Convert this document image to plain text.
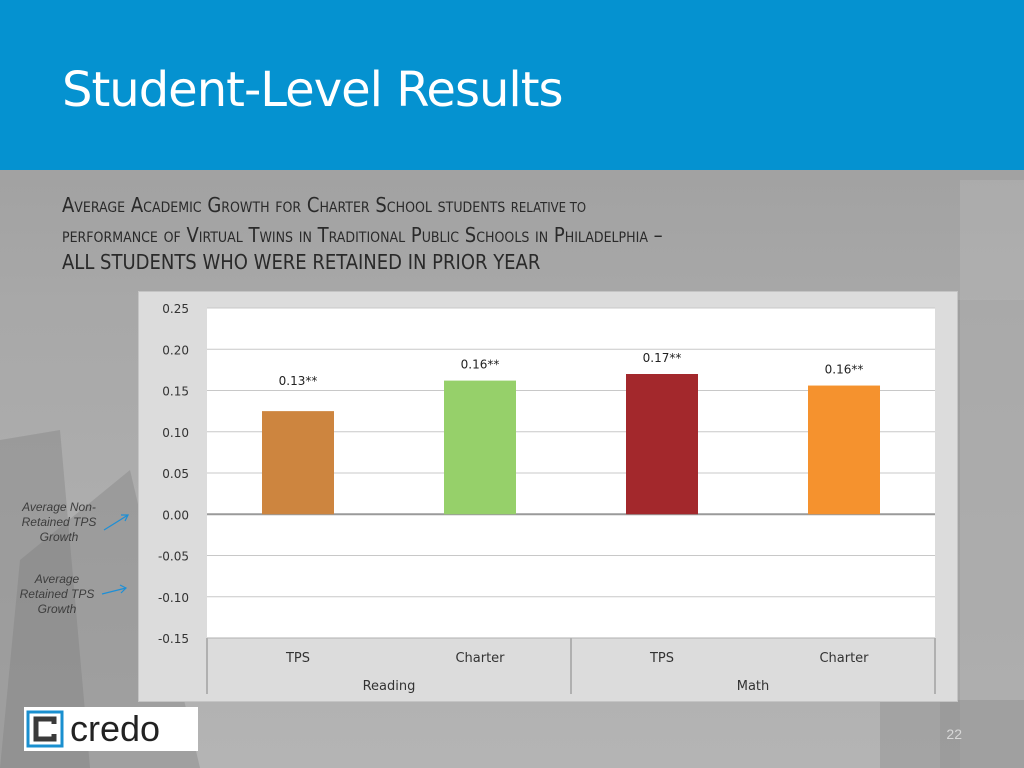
Student-Level Results
Average Academic Growth for Charter School students RELATIVE TO
performance of Virtual Twins in Traditional Public Schools in Philadelphia –
ALL STUDENTS WHO WERE RETAINED IN PRIOR YEAR
0.25
0.20
0.15
0.10
0.05
0.00
-0.05
-0.10
-0.15
0.13**
TPS
0.16**
Charter
0.17**
TPS
0.16**
Charter
Reading	Math
Average Non-Retained TPS Growth
Average Retained TPS Growth
credo	22
